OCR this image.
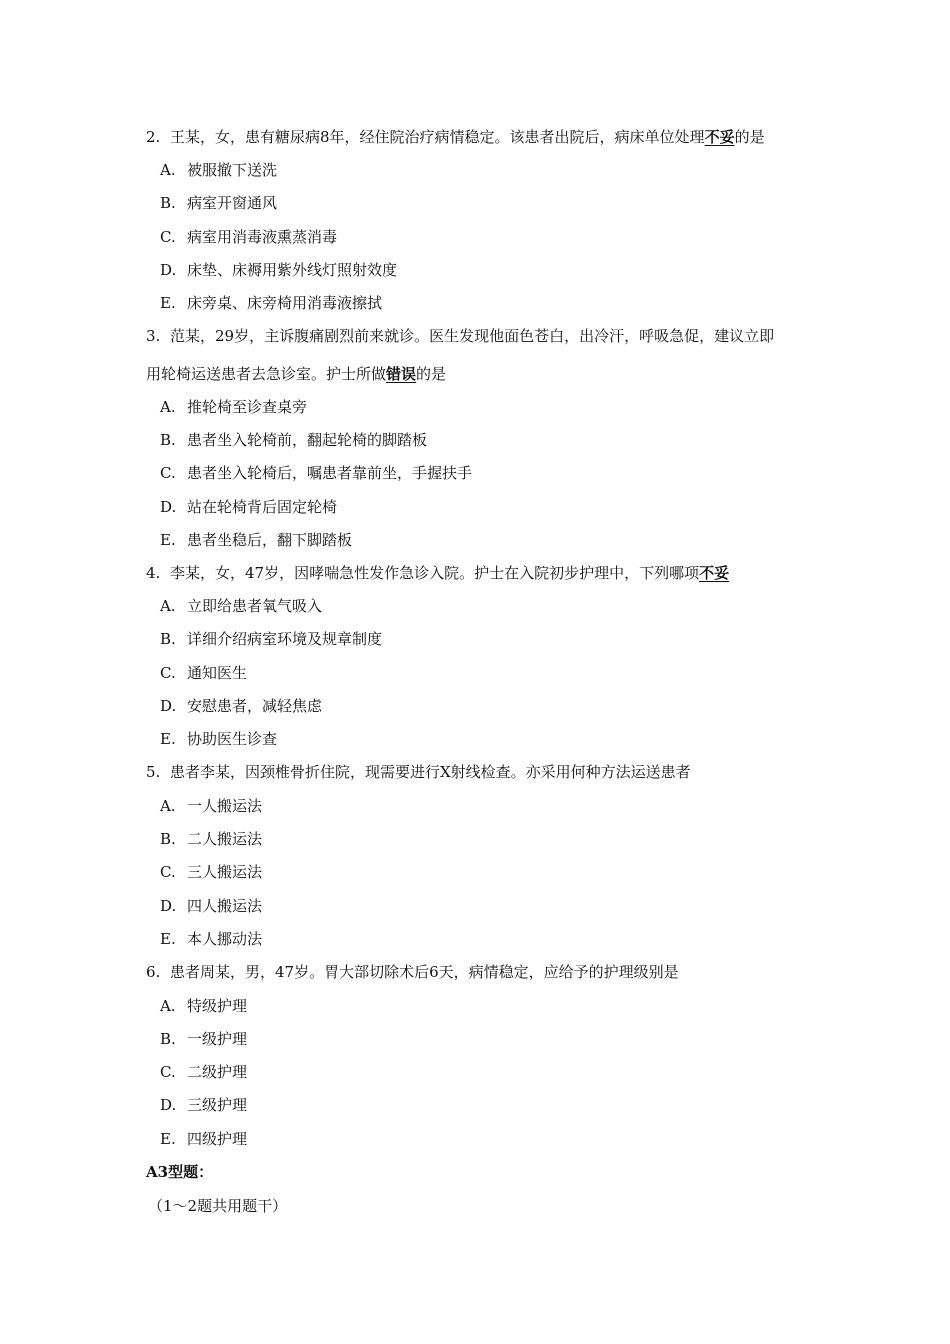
2. 王某，女，患有糖尿病8年，经住院治疗病情稳定。该患者出院后，病床单位处理不妥的是
A. 被服撤下送洗
B. 病室开窗通风
C. 病室用消毒液熏蒸消毒
D. 床垫、床褥用紫外线灯照射效度
E. 床旁桌、床旁椅用消毒液擦拭
3. 范某，29岁，主诉腹痛剧烈前来就诊。医生发现他面色苍白，出冷汗，呼吸急促，建议立即
用轮椅运送患者去急诊室。护士所做错误的是
A. 推轮椅至诊查桌旁
B. 患者坐入轮椅前，翻起轮椅的脚踏板
C. 患者坐入轮椅后，嘱患者靠前坐，手握扶手
D. 站在轮椅背后固定轮椅
E. 患者坐稳后，翻下脚踏板
4. 李某，女，47岁，因哮喘急性发作急诊入院。护士在入院初步护理中，下列哪项不妥
A. 立即给患者氧气吸入
B. 详细介绍病室环境及规章制度
C. 通知医生
D. 安慰患者，减轻焦虑
E. 协助医生诊查
5. 患者李某，因颈椎骨折住院，现需要进行X射线检查。亦采用何种方法运送患者
A. 一人搬运法
B. 二人搬运法
C. 三人搬运法
D. 四人搬运法
E. 本人挪动法
6. 患者周某，男，47岁。胃大部切除术后6天，病情稳定，应给予的护理级别是
A. 特级护理
B. 一级护理
C. 二级护理
D. 三级护理
E. 四级护理
A3型题：
（1～2题共用题干）
